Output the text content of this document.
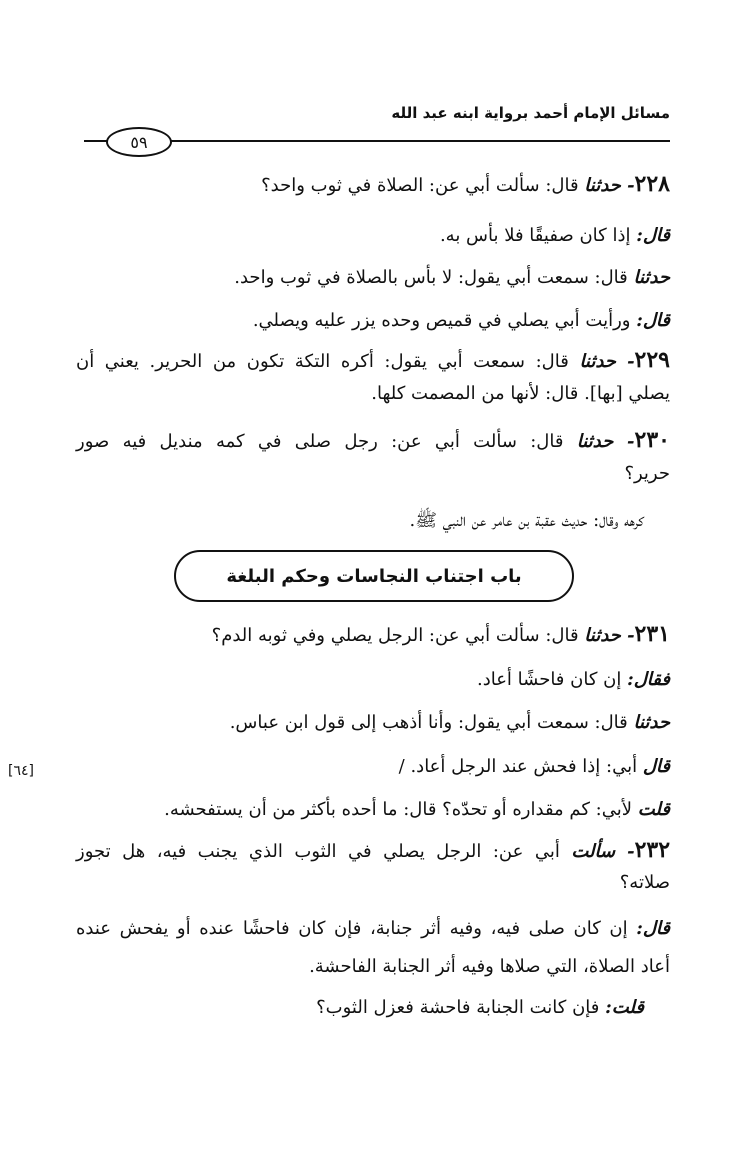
مسائل الإمام أحمد برواية ابنه عبد الله
٥٩
[٦٤]
٢٢٨- حدثنا قال: سألت أبي عن: الصلاة في ثوب واحد؟
قال: إذا كان صفيقًا فلا بأس به.
حدثنا قال: سمعت أبي يقول: لا بأس بالصلاة في ثوب واحد.
قال: ورأيت أبي يصلي في قميص وحده يزر عليه ويصلي.
٢٢٩- حدثنا قال: سمعت أبي يقول: أكره التكة تكون من الحرير. يعني أن
يصلي [بها]. قال: لأنها من المصمت كلها.
٢٣٠- حدثنا قال: سألت أبي عن: رجل صلى في كمه منديل فيه صور
حرير؟
كرهه وقال: حديث عقبة بن عامر عن النبي ﷺ.
باب اجتناب النجاسات وحكم البلغة
٢٣١- حدثنا قال: سألت أبي عن: الرجل يصلي وفي ثوبه الدم؟
فقال: إن كان فاحشًا أعاد.
حدثنا قال: سمعت أبي يقول: وأنا أذهب إلى قول ابن عباس.
قال أبي: إذا فحش عند الرجل أعاد. /
قلت لأبي: كم مقداره أو تحدّه؟ قال: ما أحده بأكثر من أن يستفحشه.
٢٣٢- سألت أبي عن: الرجل يصلي في الثوب الذي يجنب فيه، هل تجوز
صلاته؟
قال: إن كان صلى فيه، وفيه أثر جنابة، فإن كان فاحشًا عنده أو يفحش عنده
أعاد الصلاة، التي صلاها وفيه أثر الجنابة الفاحشة.
قلت: فإن كانت الجنابة فاحشة فعزل الثوب؟
